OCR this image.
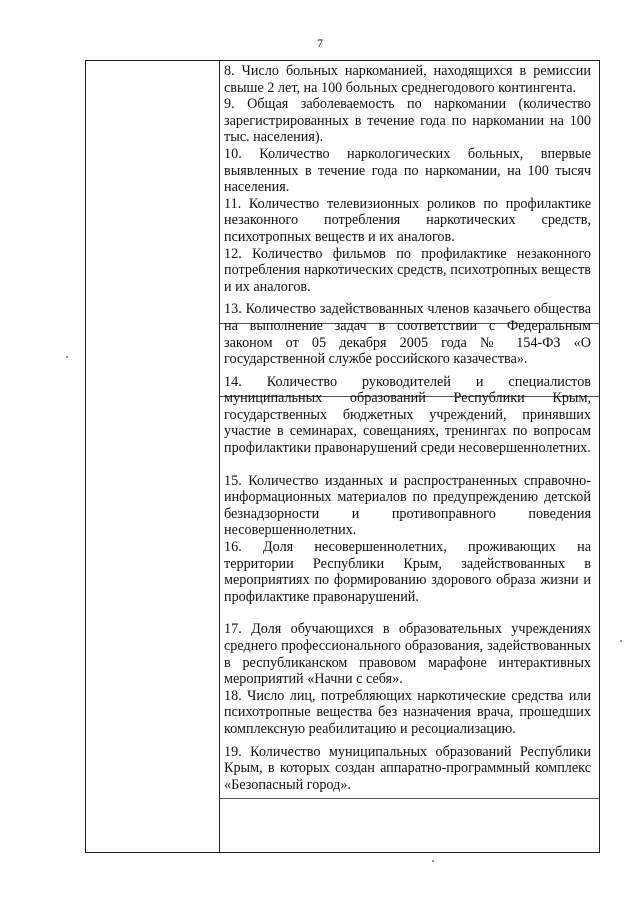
7

8. Число больных наркоманией, находящихся в ремиссии свыше 2 лет, на 100 больных среднегодового контингента.

9. Общая заболеваемость по наркомании (количество зарегистрированных в течение года по наркомании на 100 тыс. населения).

10. Количество наркологических больных, впервые выявленных в течение года по наркомании, на 100 тысяч населения.

11. Количество телевизионных роликов по профилактике незаконного потребления наркотических средств, психотропных веществ и их аналогов.

12. Количество фильмов по профилактике незаконного потребления наркотических средств, психотропных веществ и их аналогов.

13. Количество задействованных членов казачьего общества на выполнение задач в соответствии с Федеральным законом от 05 декабря 2005 года № 154-ФЗ «О государственной службе российского казачества».

14. Количество руководителей и специалистов муниципальных образований Республики Крым, государственных бюджетных учреждений, принявших участие в семинарах, совещаниях, тренингах по вопросам профилактики правонарушений среди несовершеннолетних.

15. Количество изданных и распространенных справочно-информационных материалов по предупреждению детской безнадзорности и противоправного поведения несовершеннолетних.

16. Доля несовершеннолетних, проживающих на территории Республики Крым, задействованных в мероприятиях по формированию здорового образа жизни и профилактике правонарушений.

17. Доля обучающихся в образовательных учреждениях среднего профессионального образования, задействованных в республиканском правовом марафоне интерактивных мероприятий «Начни с себя».

18. Число лиц, потребляющих наркотические средства или психотропные вещества без назначения врача, прошедших комплексную реабилитацию и ресоциализацию.

19. Количество муниципальных образований Республики Крым, в которых создан аппаратно-программный комплекс «Безопасный город».
